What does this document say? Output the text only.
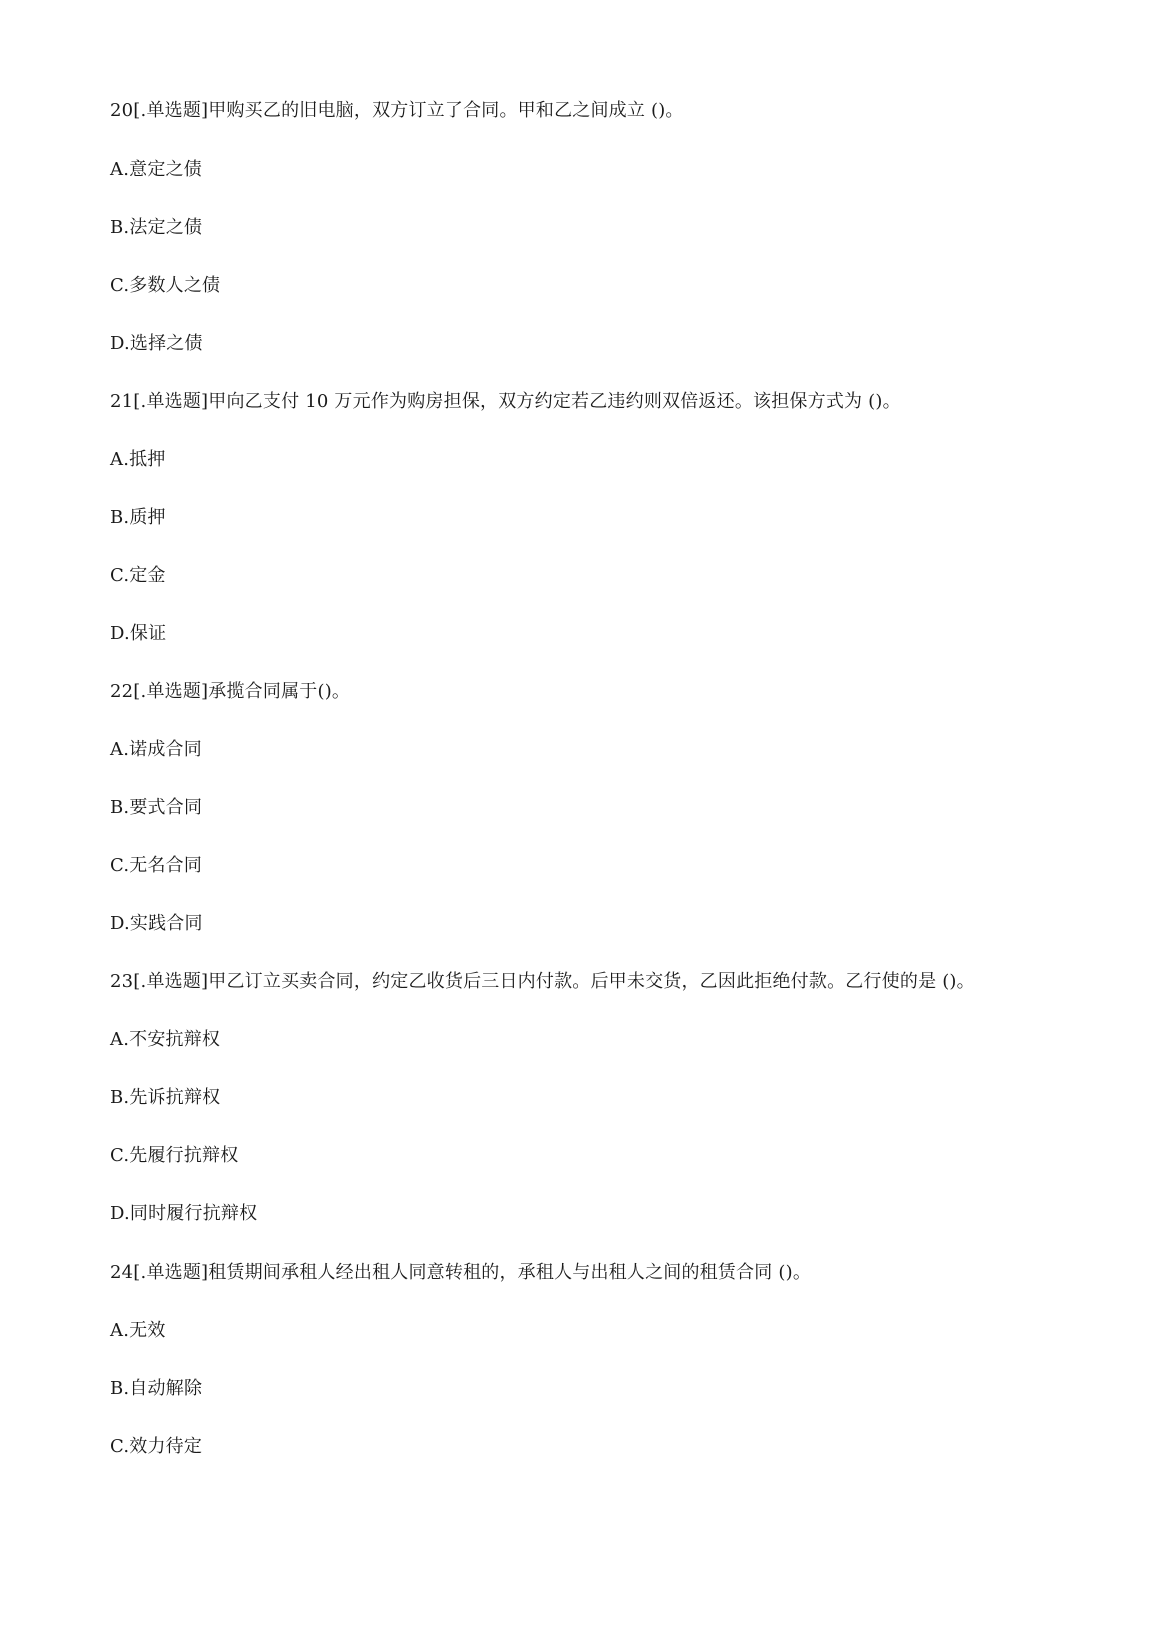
20[.单选题]甲购买乙的旧电脑，双方订立了合同。甲和乙之间成立 ()。
A.意定之债
B.法定之债
C.多数人之债
D.选择之债
21[.单选题]甲向乙支付 10 万元作为购房担保，双方约定若乙违约则双倍返还。该担保方式为 ()。
A.抵押
B.质押
C.定金
D.保证
22[.单选题]承揽合同属于()。
A.诺成合同
B.要式合同
C.无名合同
D.实践合同
23[.单选题]甲乙订立买卖合同，约定乙收货后三日内付款。后甲未交货，乙因此拒绝付款。乙行使的是 ()。
A.不安抗辩权
B.先诉抗辩权
C.先履行抗辩权
D.同时履行抗辩权
24[.单选题]租赁期间承租人经出租人同意转租的，承租人与出租人之间的租赁合同 ()。
A.无效
B.自动解除
C.效力待定
